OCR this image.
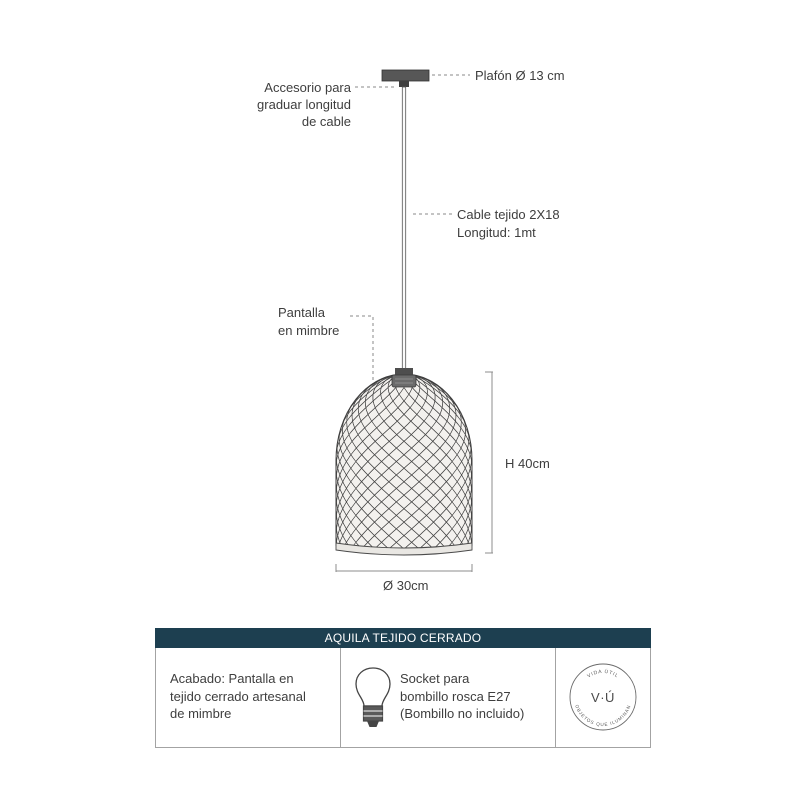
VIDA ÚTIL
OBJETOS QUE ILUMINAN
V·Ú
Plafón Ø 13 cm
Accesorio para
graduar longitud
de cable
Cable tejido 2X18
Longitud: 1mt
Pantalla
en mimbre
H 40cm
Ø 30cm
AQUILA TEJIDO CERRADO
Acabado: Pantalla en
tejido cerrado artesanal
de mimbre
Socket para
bombillo rosca E27
(Bombillo no incluido)
